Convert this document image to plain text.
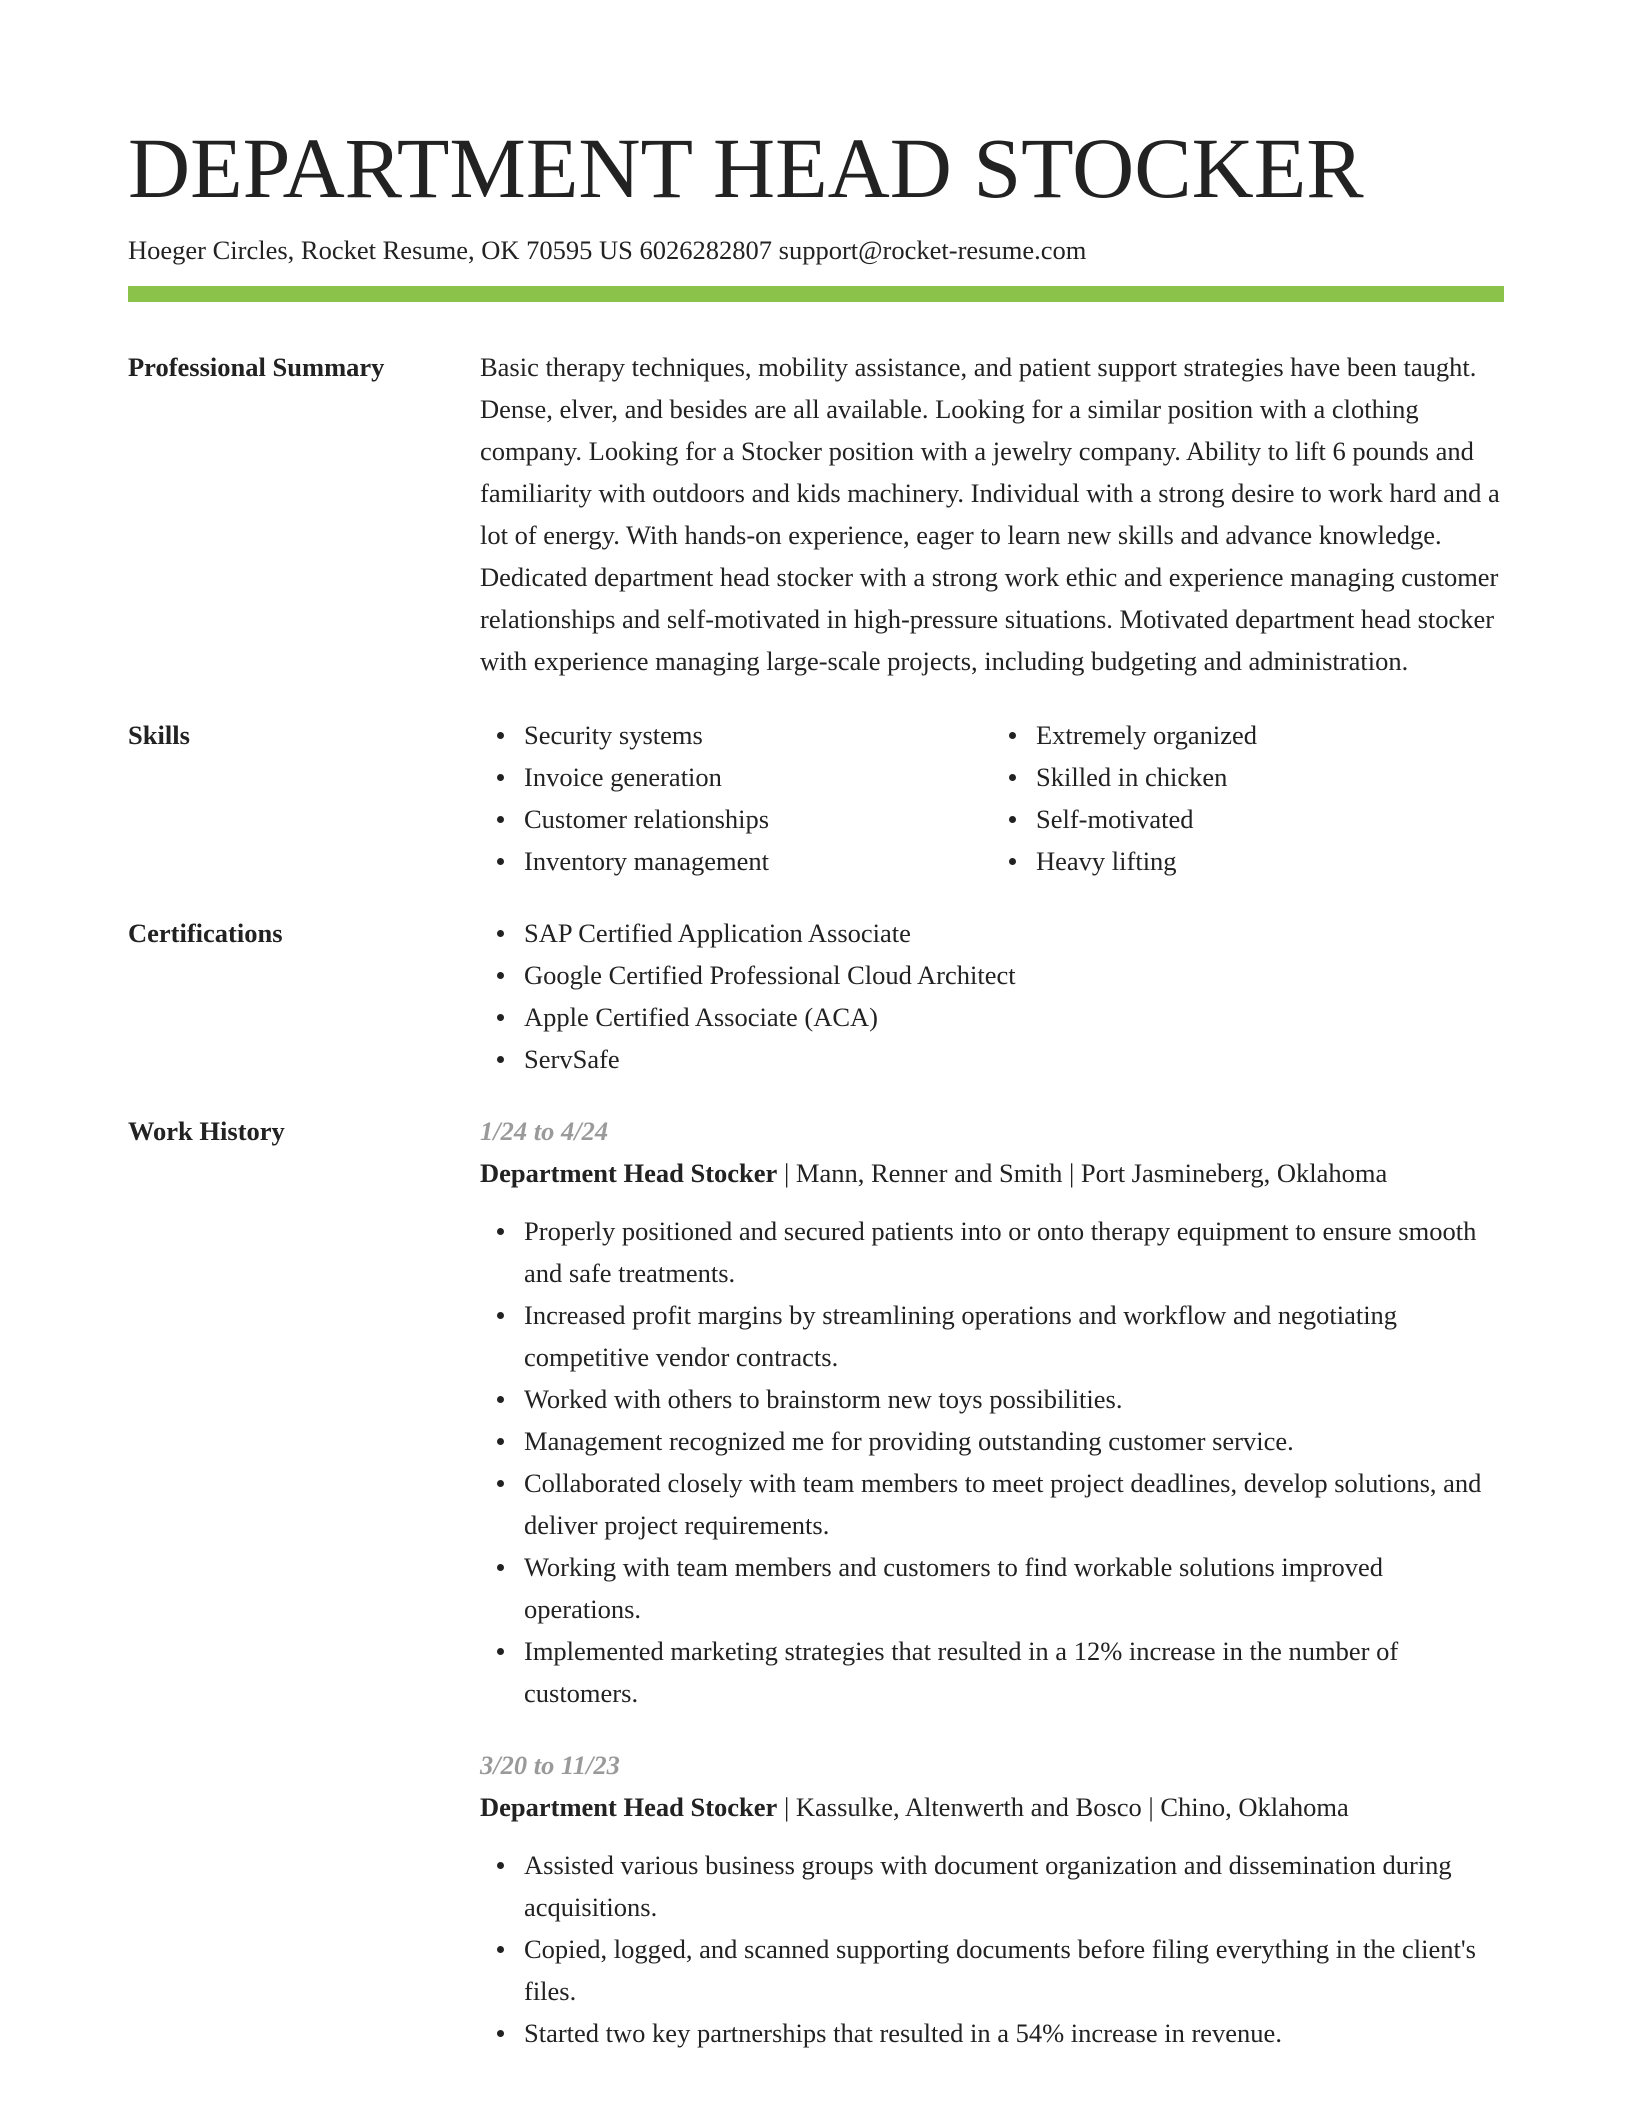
DEPARTMENT HEAD STOCKER
Hoeger Circles, Rocket Resume, OK 70595 US 6026282807 support@rocket-resume.com
Professional Summary	Basic therapy techniques, mobility assistance, and patient support strategies have been taught. Dense, elver, and besides are all available. Looking for a similar position with a clothing company. Looking for a Stocker position with a jewelry company. Ability to lift 6 pounds and familiarity with outdoors and kids machinery. Individual with a strong desire to work hard and a lot of energy. With hands-on experience, eager to learn new skills and advance knowledge. Dedicated department head stocker with a strong work ethic and experience managing customer relationships and self-motivated in high-pressure situations. Motivated department head stocker with experience managing large-scale projects, including budgeting and administration.

Skills	Security systems
Invoice generation
Customer relationships
Inventory management
Extremely organized
Skilled in chicken
Self-motivated
Heavy lifting
Certifications	SAP Certified Application Associate
Google Certified Professional Cloud Architect
Apple Certified Associate (ACA)
ServSafe
Work History	1/24 to 4/24
Department Head Stocker | Mann, Renner and Smith | Port Jasmineberg, Oklahoma
Properly positioned and secured patients into or onto therapy equipment to ensure smooth and safe treatments.
Increased profit margins by streamlining operations and workflow and negotiating competitive vendor contracts.
Worked with others to brainstorm new toys possibilities.
Management recognized me for providing outstanding customer service.
Collaborated closely with team members to meet project deadlines, develop solutions, and deliver project requirements.
Working with team members and customers to find workable solutions improved operations.
Implemented marketing strategies that resulted in a 12% increase in the number of customers.
3/20 to 11/23
Department Head Stocker | Kassulke, Altenwerth and Bosco | Chino, Oklahoma
Assisted various business groups with document organization and dissemination during acquisitions.
Copied, logged, and scanned supporting documents before filing everything in the client's files.
Started two key partnerships that resulted in a 54% increase in revenue.
